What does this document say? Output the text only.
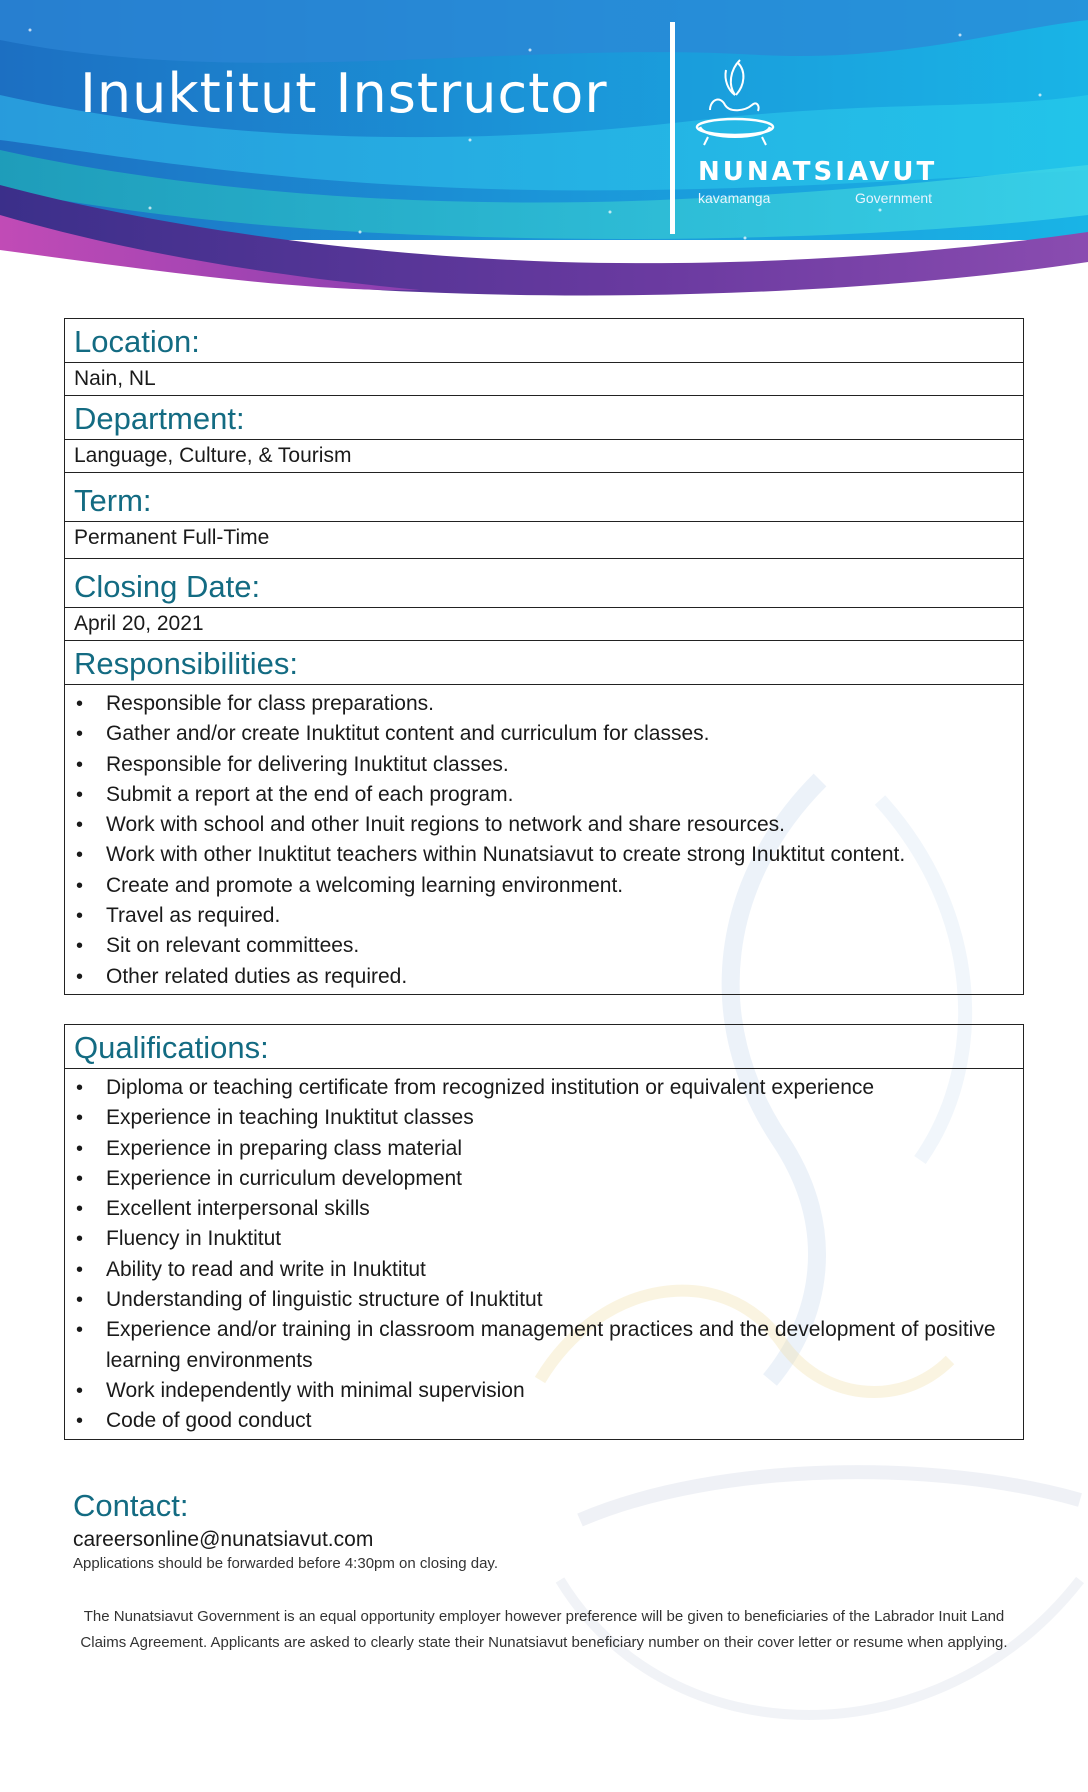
Inuktitut Instructor
NUNATSIAVUT
kavamanga	Government
Location:
Nain, NL
Department:
Language, Culture, & Tourism
Term:
Permanent Full-Time
Closing Date:
April 20, 2021
Responsibilities:
• Responsible for class preparations.
• Gather and/or create Inuktitut content and curriculum for classes.
• Responsible for delivering Inuktitut classes.
• Submit a report at the end of each program.
• Work with school and other Inuit regions to network and share resources.
• Work with other Inuktitut teachers within Nunatsiavut to create strong Inuktitut content.
• Create and promote a welcoming learning environment.
• Travel as required.
• Sit on relevant committees.
• Other related duties as required.
Qualifications:
• Diploma or teaching certificate from recognized institution or equivalent experience
• Experience in teaching Inuktitut classes
• Experience in preparing class material
• Experience in curriculum development
• Excellent interpersonal skills
• Fluency in Inuktitut
• Ability to read and write in Inuktitut
• Understanding of linguistic structure of Inuktitut
• Experience and/or training in classroom management practices and the development of positive learning environments
• Work independently with minimal supervision
• Code of good conduct
Contact:
careersonline@nunatsiavut.com
Applications should be forwarded before 4:30pm on closing day.
The Nunatsiavut Government is an equal opportunity employer however preference will be given to beneficiaries of the Labrador Inuit Land Claims Agreement. Applicants are asked to clearly state their Nunatsiavut beneficiary number on their cover letter or resume when applying.
